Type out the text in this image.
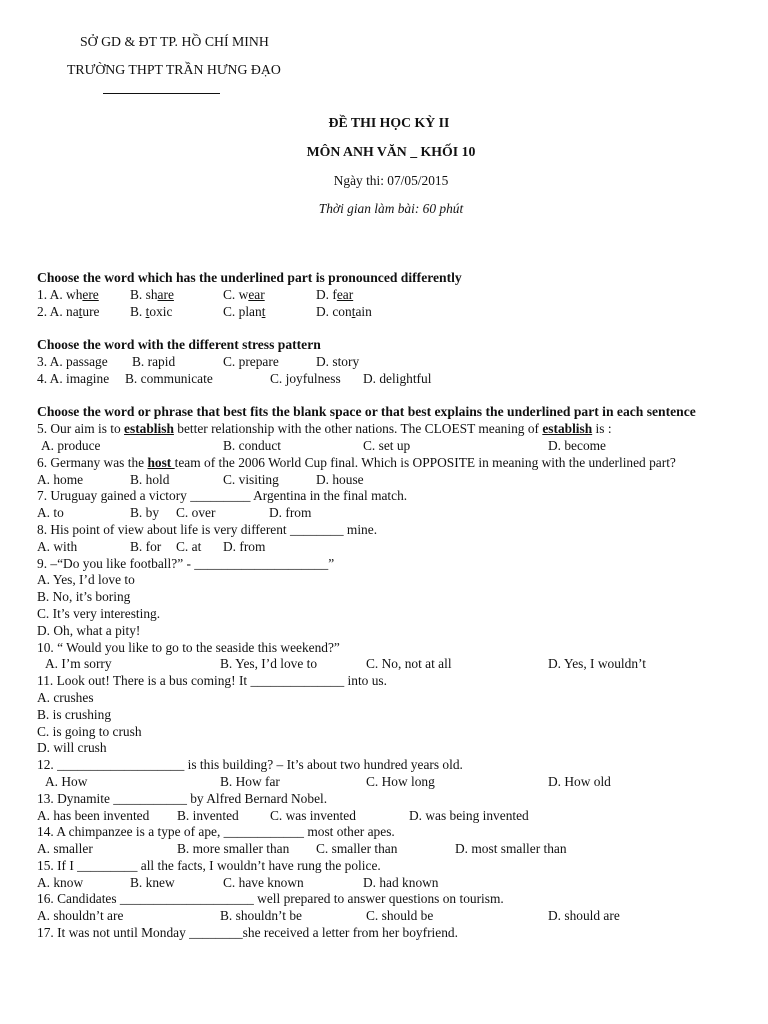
SỞ GD & ĐT TP. HỒ CHÍ MINH
TRƯỜNG THPT TRẦN HƯNG ĐẠO
ĐỀ THI HỌC KỲ II
MÔN ANH VĂN _ KHỐI 10
Ngày thi: 07/05/2015
Thời gian làm bài: 60 phút
Choose the word which has the underlined part is pronounced differently
1. A. where B. share	C. wear	D. fear
2. A. nature B. toxic	C. plant	D. contain
Choose the word with the different stress pattern
3. A. passage B. rapid	C. prepare	D. story
4. A. imagine B. communicate	C. joyfulness D. delightful
Choose the word or phrase that best fits the blank space or that best explains the underlined part in each sentence
5. Our aim is to establish better relationship with the other nations. The CLOEST meaning of establish is :
A. produce	B. conduct	C. set up	D. become
6. Germany was the host team of the 2006 World Cup final. Which is OPPOSITE in meaning with the underlined part?
A. home	B. hold	C. visiting	D. house
7. Uruguay gained a victory _________ Argentina in the final match.
A. to	B. by C. over	D. from
8. His point of view about life is very different ________ mine.
A. with	B. for C. at D. from
9. –“Do you like football?” - ____________________”
A. Yes, I’d love to
B. No, it’s boring
C. It’s very interesting.
D. Oh, what a pity!
10. “ Would you like to go to the seaside this weekend?”
A. I’m sorry	B. Yes, I’d love to	C. No, not at all	D. Yes, I wouldn’t
11. Look out! There is a bus coming! It ______________ into us.
A. crushes
B. is crushing
C. is going to crush
D. will crush
12. ___________________ is this building? – It’s about two hundred years old.
A. How	B. How far	C. How long	D. How old
13. Dynamite ___________ by Alfred Bernard Nobel.
A. has been invented B. invented C. was invented	D. was being invented
14. A chimpanzee is a type of ape, ____________ most other apes.
A. smaller	B. more smaller than C. smaller than	D. most smaller than
15. If I _________ all the facts, I wouldn’t have rung the police.
A. know	B. knew	C. have known	D. had known
16. Candidates ____________________ well prepared to answer questions on tourism.
A. shouldn’t are	B. shouldn’t be	C. should be	D. should are
17. It was not until Monday ________she received a letter from her boyfriend.
